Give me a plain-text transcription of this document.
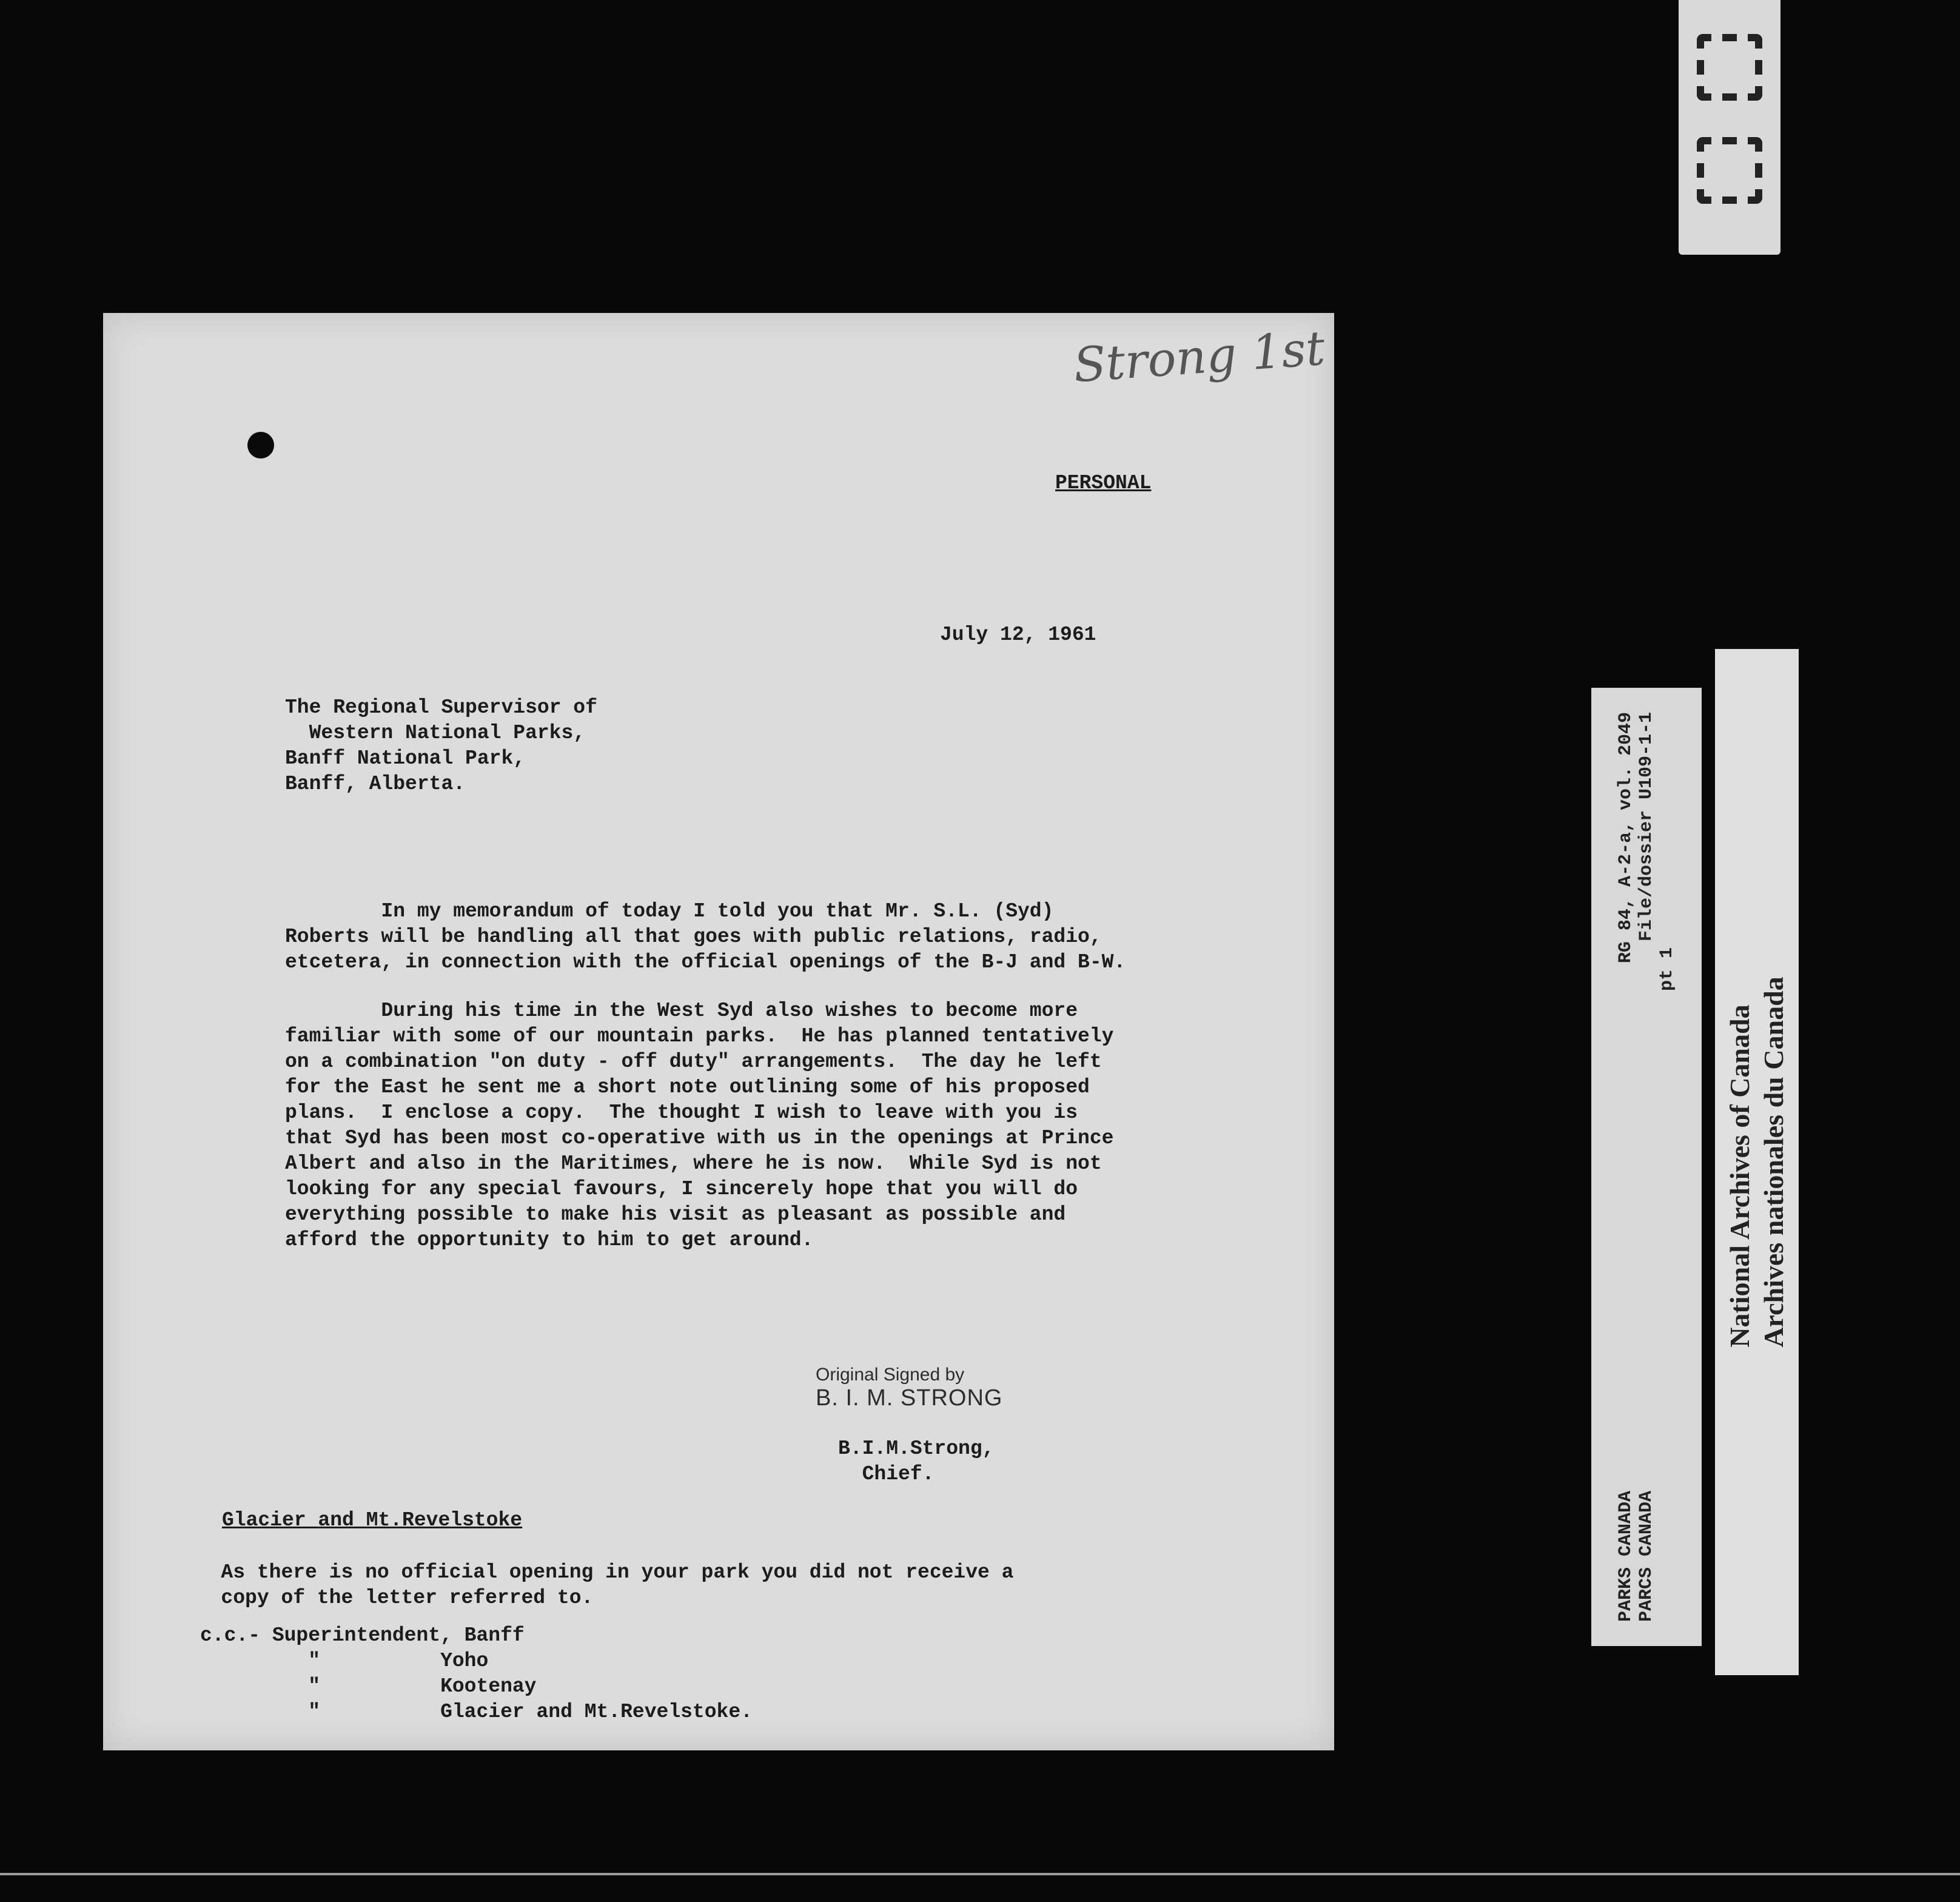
Strong 1st
PERSONAL
July 12, 1961
The Regional Supervisor of
Western National Parks,
Banff National Park,
Banff, Alberta.
In my memorandum of today I told you that Mr. S.L. (Syd)
Roberts will be handling all that goes with public relations, radio,
etcetera, in connection with the official openings of the B-J and B-W.
During his time in the West Syd also wishes to become more
familiar with some of our mountain parks.  He has planned tentatively
on a combination "on duty - off duty" arrangements.  The day he left
for the East he sent me a short note outlining some of his proposed
plans.  I enclose a copy.  The thought I wish to leave with you is
that Syd has been most co-operative with us in the openings at Prince
Albert and also in the Maritimes, where he is now.  While Syd is not
looking for any special favours, I sincerely hope that you will do
everything possible to make his visit as pleasant as possible and
afford the opportunity to him to get around.
Original Signed by
B. I. M. STRONG
B.I.M.Strong,
Chief.
Glacier and Mt.Revelstoke
As there is no official opening in your park you did not receive a
copy of the letter referred to.
c.c.- Superintendent, Banff
"          Yoho
"          Kootenay
"          Glacier and Mt.Revelstoke.
PARKS CANADA
RG 84, A-2-a, vol. 2049
PARCS CANADA
File/dossier U109-1-1
pt 1
National Archives of Canada Archives nationales du Canada
